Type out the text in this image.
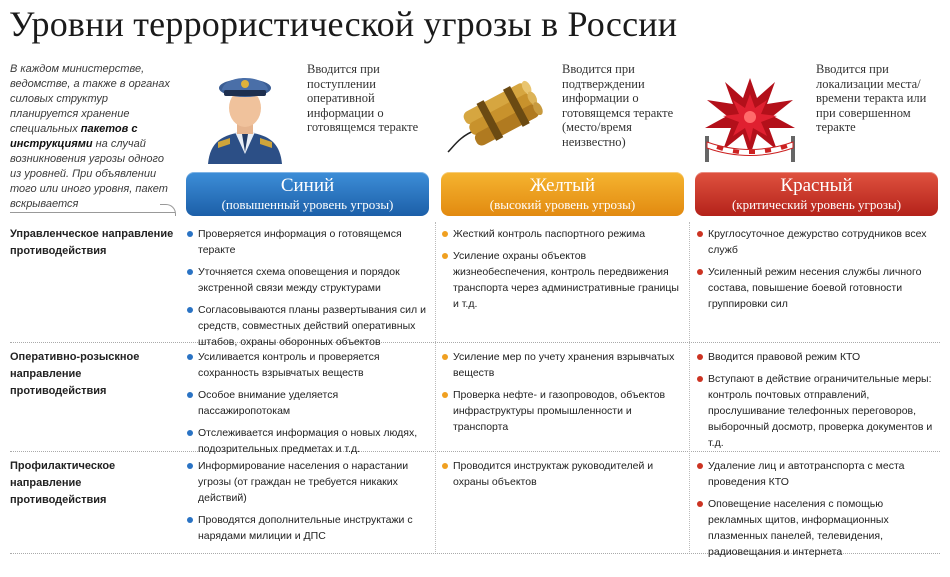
Уровни террористической угрозы в России
В каждом министерстве, ведомстве, а также в органах силовых структур планируется хранение специальных пакетов с инструкциями на случай возникновения угрозы одного из уровней. При объявлении того или иного уровня, пакет вскрывается
Вводится при поступлении оперативной информации о готовящемся теракте
Вводится при подтверждении информации о готовящемся теракте (место/время неизвестно)
Вводится при локализации места/времени теракта или при совершенном теракте
Синий
(повышенный уровень угрозы)
Желтый
(высокий уровень угрозы)
Красный
(критический уровень угрозы)
Управленческое направление противодействия
Проверяется информация о готовящемся теракте
Уточняется схема оповещения и порядок экстренной связи между структурами
Согласовываются планы развертывания сил и средств, совместных действий оперативных штабов, охраны оборонных объектов
Жесткий контроль паспортного режима
Усиление охраны объектов жизнеобеспечения, контроль передвижения транспорта через административные границы и т.д.
Круглосуточное дежурство сотрудников всех служб
Усиленный режим несения службы личного состава, повышение боевой готовности группировки сил
Оперативно-розыскное направление противодействия
Усиливается контроль и проверяется сохранность взрывчатых веществ
Особое внимание уделяется пассажиропотокам
Отслеживается информация о новых людях, подозрительных предметах и т.д.
Усиление мер по учету хранения взрывчатых веществ
Проверка нефте- и газопроводов, объектов инфраструктуры промышленности и транспорта
Вводится правовой режим КТО
Вступают в действие ограничительные меры: контроль почтовых отправлений, прослушивание телефонных переговоров, выборочный досмотр, проверка документов и т.д.
Профилактическое направление противодействия
Информирование населения о нарастании угрозы (от граждан не требуется никаких действий)
Проводятся дополнительные инструктажи с нарядами милиции и ДПС
Проводится инструктаж руководителей и охраны объектов
Удаление лиц и автотранспорта с места проведения КТО
Оповещение населения с помощью рекламных щитов, информационных плазменных панелей, телевидения, радиовещания и интернета
